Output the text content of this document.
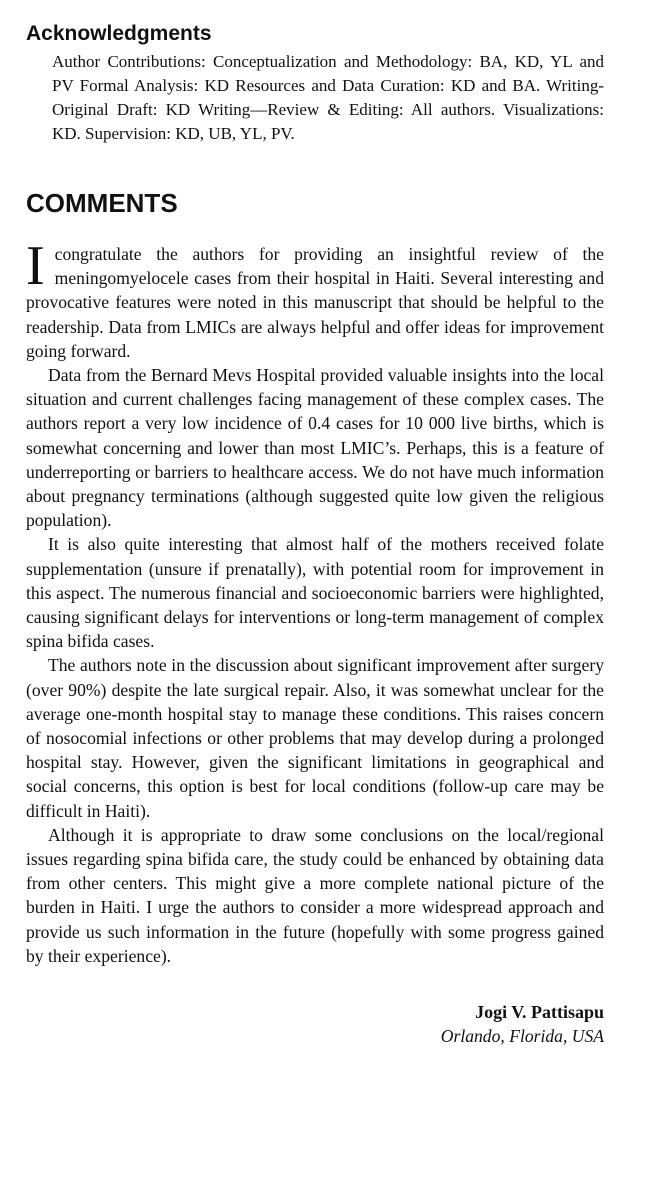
Acknowledgments

Author Contributions: Conceptualization and Methodology: BA, KD, YL and PV Formal Analysis: KD Resources and Data Curation: KD and BA. Writing-Original Draft: KD Writing—Review & Editing: All authors. Visualizations: KD. Supervision: KD, UB, YL, PV.

COMMENTS

Icongratulate the authors for providing an insightful review of the meningomyelocele cases from their hospital in Haiti. Several interesting and provocative features were noted in this manuscript that should be helpful to the readership. Data from LMICs are always helpful and offer ideas for improvement going forward.

Data from the Bernard Mevs Hospital provided valuable insights into the local situation and current challenges facing management of these complex cases. The authors report a very low incidence of 0.4 cases for 10 000 live births, which is somewhat concerning and lower than most LMIC’s. Perhaps, this is a feature of underreporting or barriers to healthcare access. We do not have much information about pregnancy terminations (although suggested quite low given the religious population).

It is also quite interesting that almost half of the mothers received folate supplementation (unsure if prenatally), with potential room for improvement in this aspect. The numerous financial and socioeconomic barriers were highlighted, causing significant delays for interventions or long-term management of complex spina bifida cases.

The authors note in the discussion about significant improvement after surgery (over 90%) despite the late surgical repair. Also, it was somewhat unclear for the average one-month hospital stay to manage these conditions. This raises concern of nosocomial infections or other problems that may develop during a prolonged hospital stay. However, given the significant limitations in geographical and social concerns, this option is best for local conditions (follow-up care may be difficult in Haiti).

Although it is appropriate to draw some conclusions on the local/regional issues regarding spina bifida care, the study could be enhanced by obtaining data from other centers. This might give a more complete national picture of the burden in Haiti. I urge the authors to consider a more widespread approach and provide us such information in the future (hopefully with some progress gained by their experience).

Jogi V. Pattisapu
Orlando, Florida, USA
